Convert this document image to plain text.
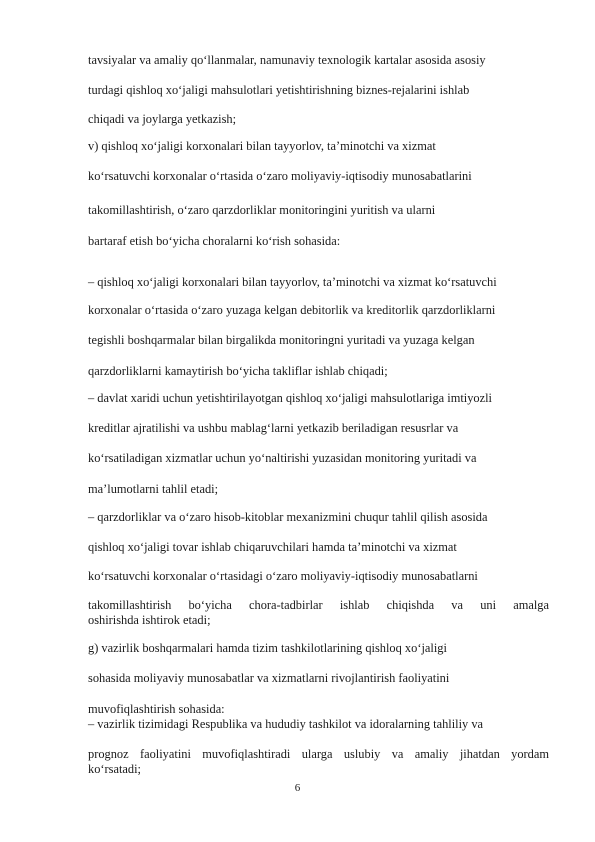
tavsiyalar va amaliy qo‘llanmalar, namunaviy texnologik kartalar asosida asosiy
turdagi qishloq xo‘jaligi mahsulotlari yetishtirishning biznes-rejalarini ishlab
chiqadi va joylarga yetkazish;
v) qishloq xo‘jaligi korxonalari bilan tayyorlov, ta’minotchi va xizmat
ko‘rsatuvchi korxonalar o‘rtasida o‘zaro moliyaviy-iqtisodiy munosabatlarini
takomillashtirish, o‘zaro qarzdorliklar monitoringini yuritish va ularni
bartaraf etish bo‘yicha choralarni ko‘rish sohasida:
– qishloq xo‘jaligi korxonalari bilan tayyorlov, ta’minotchi va xizmat ko‘rsatuvchi
korxonalar o‘rtasida o‘zaro yuzaga kelgan debitorlik va kreditorlik qarzdorliklarni
tegishli boshqarmalar bilan birgalikda monitoringni yuritadi va yuzaga kelgan
qarzdorliklarni kamaytirish bo‘yicha takliflar ishlab chiqadi;
– davlat xaridi uchun yetishtirilayotgan qishloq xo‘jaligi mahsulotlariga imtiyozli
kreditlar ajratilishi va ushbu mablag‘larni yetkazib beriladigan resusrlar va
ko‘rsatiladigan xizmatlar uchun yo‘naltirishi yuzasidan monitoring yuritadi va
ma’lumotlarni tahlil etadi;
– qarzdorliklar va o‘zaro hisob-kitoblar mexanizmini chuqur tahlil qilish asosida
qishloq xo‘jaligi tovar ishlab chiqaruvchilari hamda ta’minotchi va xizmat
ko‘rsatuvchi korxonalar o‘rtasidagi o‘zaro moliyaviy-iqtisodiy munosabatlarni
takomillashtirish bo‘yicha chora-tadbirlar ishlab chiqishda va uni amalga
oshirishda ishtirok etadi;
g) vazirlik boshqarmalari hamda tizim tashkilotlarining qishloq xo‘jaligi
sohasida moliyaviy munosabatlar va xizmatlarni rivojlantirish faoliyatini
muvofiqlashtirish sohasida:
– vazirlik tizimidagi Respublika va hududiy tashkilot va idoralarning tahliliy va
prognoz faoliyatini muvofiqlashtiradi ularga uslubiy va amaliy jihatdan yordam
ko‘rsatadi;
6
